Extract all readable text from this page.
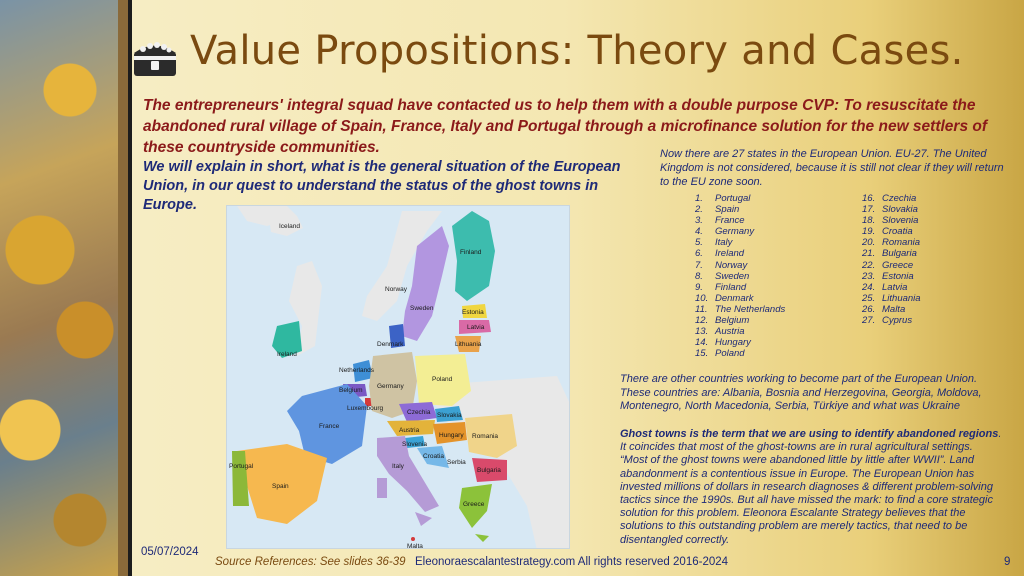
Value Propositions: Theory and Cases.
The entrepreneurs' integral squad have contacted us to help them with a double purpose CVP: To resuscitate the abandoned rural village of Spain, France, Italy and Portugal through a microfinance solution for the new settlers of these countryside communities.
We will explain in short, what is the general situation of the European Union, in our quest to understand the status of the ghost towns in Europe.
Now there are 27 states in the European Union. EU-27. The United Kingdom is not considered, because it is still not clear if they will return to the EU zone soon.
1. Portugal
2. Spain
3. France
4. Germany
5. Italy
6. Ireland
7. Norway
8. Sweden
9. Finland
10. Denmark
11. The Netherlands
12. Belgium
13. Austria
14. Hungary
15. Poland
16. Czechia
17. Slovakia
18. Slovenia
19. Croatia
20. Romania
21. Bulgaria
22. Greece
23. Estonia
24. Latvia
25. Lithuania
26. Malta
27. Cyprus
Iceland
Norway
Sweden
Finland
Estonia
Latvia
Lithuania
Denmark
Ireland
Netherlands
Belgium
Luxembourg
Germany
Poland
Czechia Slovakia
Austria
Hungary
Slovenia
Croatia
Romania
Serbia
Bulgaria
France
Italy
Spain
Portugal
Greece
Malta
There are other countries working to become part of the European Union. These countries are: Albania, Bosnia and Herzegovina, Georgia, Moldova, Montenegro, North Macedonia, Serbia, Türkiye and what was Ukraine
Ghost towns is the term that we are using to identify abandoned regions. It coincides that most of the ghost-towns are in rural agricultural settings. “Most of the ghost towns were abandoned little by little after WWII”. Land abandonment is a contentious issue in Europe. The European Union has invested millions of dollars in research diagnoses & different problem-solving tactics since the 1990s. But all have missed the mark: to find a core strategic solution for this problem. Eleonora Escalante Strategy believes that the solutions to this outstanding problem are merely tactics, that need to be disentangled correctly.
05/07/2024
Source References: See slides 36-39 Eleonoraescalantestrategy.com All rights reserved 2016-2024	9
